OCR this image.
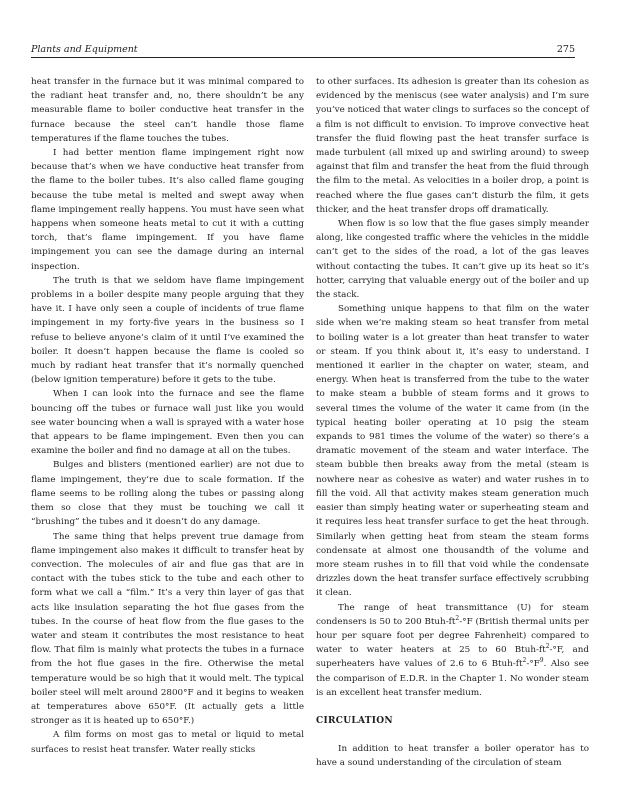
Plants and Equipment	275

heat transfer in the furnace but it was minimal compared to the radiant heat transfer and, no, there shouldn’t be any measurable flame to boiler conductive heat transfer in the furnace because the steel can’t handle those flame temperatures if the flame touches the tubes.

I had better mention flame impingement right now because that’s when we have conductive heat transfer from the flame to the boiler tubes. It’s also called flame gouging because the tube metal is melted and swept away when flame impingement really happens. You must have seen what happens when someone heats metal to cut it with a cutting torch, that’s flame impingement. If you have flame impingement you can see the damage during an internal inspection.

The truth is that we seldom have flame impingement problems in a boiler despite many people arguing that they have it. I have only seen a couple of incidents of true flame impingement in my forty-five years in the business so I refuse to believe anyone’s claim of it until I’ve examined the boiler. It doesn’t happen because the flame is cooled so much by radiant heat transfer that it’s normally quenched (below ignition temperature) before it gets to the tube.

When I can look into the furnace and see the flame bouncing off the tubes or furnace wall just like you would see water bouncing when a wall is sprayed with a water hose that appears to be flame impingement. Even then you can examine the boiler and find no damage at all on the tubes.

Bulges and blisters (mentioned earlier) are not due to flame impingement, they’re due to scale formation. If the flame seems to be rolling along the tubes or passing along them so close that they must be touching we call it “brushing” the tubes and it doesn’t do any damage.

The same thing that helps prevent true damage from flame impingement also makes it difficult to transfer heat by convection. The molecules of air and flue gas that are in contact with the tubes stick to the tube and each other to form what we call a “film.” It’s a very thin layer of gas that acts like insulation separating the hot flue gases from the tubes. In the course of heat flow from the flue gases to the water and steam it contributes the most resistance to heat flow. That film is mainly what protects the tubes in a furnace from the hot flue gases in the fire. Otherwise the metal temperature would be so high that it would melt. The typical boiler steel will melt around 2800°F and it begins to weaken at temperatures above 650°F. (It actually gets a little stronger as it is heated up to 650°F.)

A film forms on most gas to metal or liquid to metal surfaces to resist heat transfer. Water really sticks

to other surfaces. Its adhesion is greater than its cohesion as evidenced by the meniscus (see water analysis) and I’m sure you’ve noticed that water clings to surfaces so the concept of a film is not difficult to envision. To improve convective heat transfer the fluid flowing past the heat transfer surface is made turbulent (all mixed up and swirling around) to sweep against that film and transfer the heat from the fluid through the film to the metal. As velocities in a boiler drop, a point is reached where the flue gases can’t disturb the film, it gets thicker, and the heat transfer drops off dramatically.

When flow is so low that the flue gases simply meander along, like congested traffic where the vehicles in the middle can’t get to the sides of the road, a lot of the gas leaves without contacting the tubes. It can’t give up its heat so it’s hotter, carrying that valuable energy out of the boiler and up the stack.

Something unique happens to that film on the water side when we’re making steam so heat transfer from metal to boiling water is a lot greater than heat transfer to water or steam. If you think about it, it’s easy to understand. I mentioned it earlier in the chapter on water, steam, and energy. When heat is transferred from the tube to the water to make steam a bubble of steam forms and it grows to several times the volume of the water it came from (in the typical heating boiler operating at 10 psig the steam expands to 981 times the volume of the water) so there’s a dramatic movement of the steam and water interface. The steam bubble then breaks away from the metal (steam is nowhere near as cohesive as water) and water rushes in to fill the void. All that activity makes steam generation much easier than simply heating water or superheating steam and it requires less heat transfer surface to get the heat through. Similarly when getting heat from steam the steam forms condensate at almost one thousandth of the volume and more steam rushes in to fill that void while the condensate drizzles down the heat transfer surface effectively scrubbing it clean.

The range of heat transmittance (U) for steam condensers is 50 to 200 Btuh-$ft^2-^\circ F$ (British thermal units per hour per square foot per degree Fahrenheit) compared to water to water heaters at 25 to 60 Btuh-$ft^2-^\circ F$, and superheaters have values of 2.6 to 6 Btuh-$ft^2-^\circ F^9$. Also see the comparison of E.D.R. in the Chapter 1. No wonder steam is an excellent heat transfer medium.

CIRCULATION

In addition to heat transfer a boiler operator has to have a sound understanding of the circulation of steam
